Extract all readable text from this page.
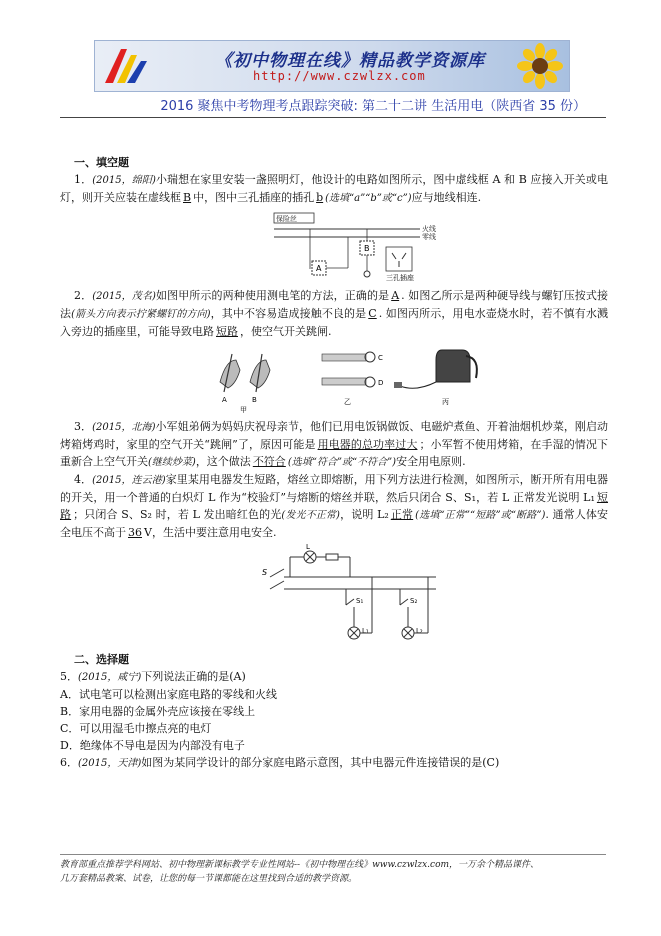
《初中物理在线》精品教学资源库
http://www.czwlzx.com
2016 聚焦中考物理考点跟踪突破: 第二十二讲 生活用电（陕西省 35 份）
一、填空题

1．(2015，绵阳)小瑞想在家里安装一盏照明灯，他设计的电路如图所示，图中虚线框 A 和 B 应接入开关或电灯，则开关应装在虚线框 B 中，图中三孔插座的插孔 b (选填“a”“b”或“c”)应与地线相连.

保险丝
火线
零线
A
B
三孔插座

2．(2015，茂名)如图甲所示的两种使用测电笔的方法，正确的是 A . 如图乙所示是两种硬导线与螺钉压按式接法(箭头方向表示拧紧螺钉的方向)，其中不容易造成接触不良的是 C . 如图丙所示，用电水壶烧水时，若不慎有水溅入旁边的插座里，可能导致电路 短路 ，使空气开关跳闸.

A	B
甲
C
D
乙	丙

3．(2015，北海)小军姐弟俩为妈妈庆祝母亲节，他们已用电饭锅做饭、电磁炉煮鱼、开着油烟机炒菜，刚启动烤箱烤鸡时，家里的空气开关“跳闸”了，原因可能是 用电器的总功率过大 ；小军暂不使用烤箱，在手湿的情况下重新合上空气开关(继续炒菜)，这个做法 不符合 (选填“符合”或“不符合”)安全用电原则.

4．(2015，连云港)家里某用电器发生短路，熔丝立即熔断，用下列方法进行检测，如图所示，断开所有用电器的开关，用一个普通的白炽灯 L 作为“校验灯”与熔断的熔丝并联，然后只闭合 S、S₁，若 L 正常发光说明 L₁ 短路 ；只闭合 S、S₂ 时，若 L 发出暗红色的光(发光不正常)，说明 L₂ 正常 (选填“正常”“短路”或“断路”). 通常人体安全电压不高于 36 V，生活中要注意用电安全.

S
L
S₁
L₁
S₂
L₂
二、选择题

5．(2015，咸宁)下列说法正确的是(A)

A．试电笔可以检测出家庭电路的零线和火线

B．家用电器的金属外壳应该接在零线上

C．可以用湿毛巾擦点亮的电灯

D．绝缘体不导电是因为内部没有电子

6．(2015，天津)如图为某同学设计的部分家庭电路示意图，其中电器元件连接错误的是(C)

教育部重点推荐学科网站、初中物理新课标教学专业性网站--《初中物理在线》www.czwlzx.com，一万余个精品课件、
几万套精品教案、试卷，让您的每一节课都能在这里找到合适的教学资源。
